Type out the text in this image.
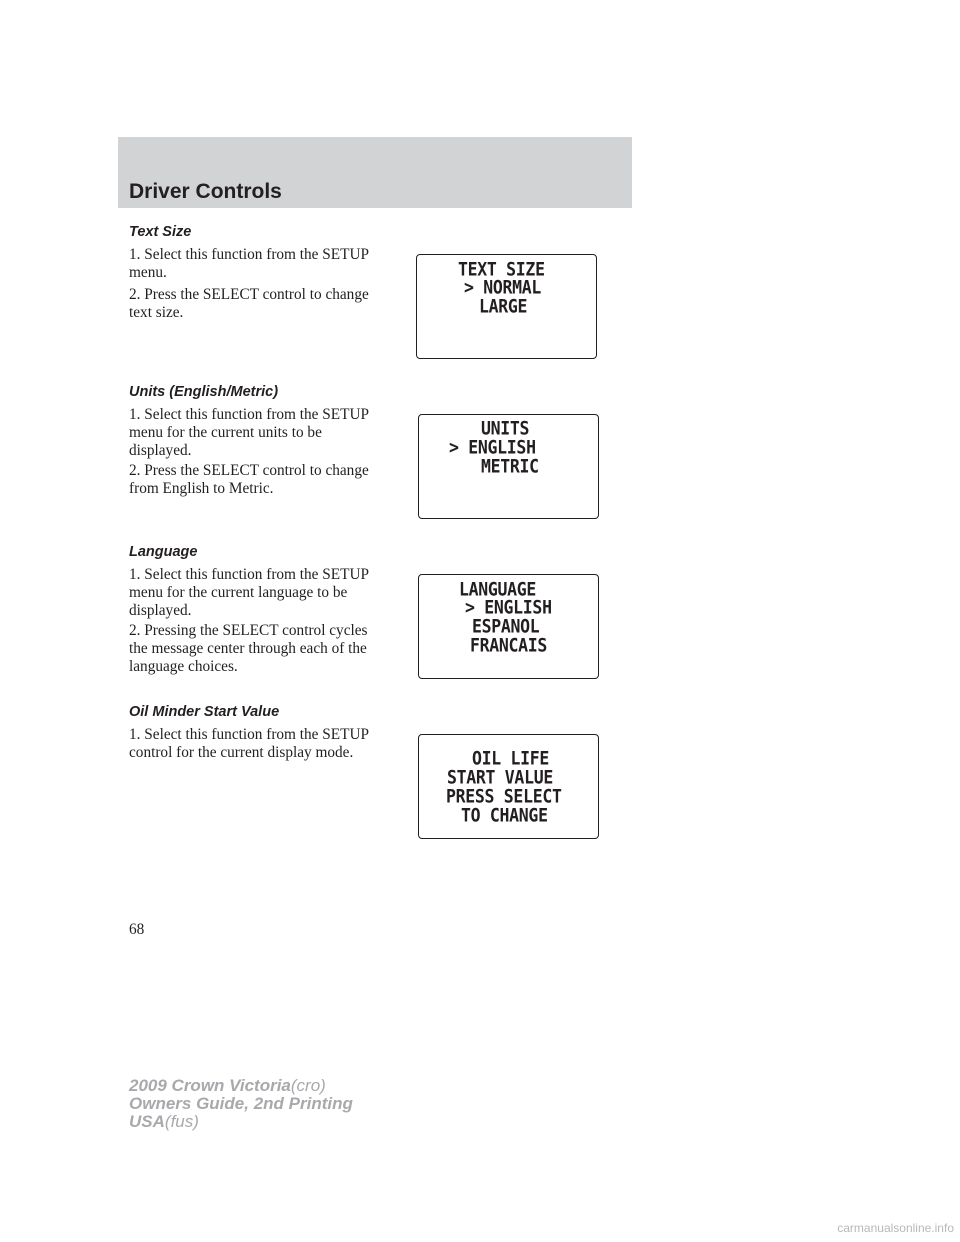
Driver Controls
Text Size

1. Select this function from the SETUP menu.

2. Press the SELECT control to change text size.

TEXT SIZE

> NORMAL

LARGE

Units (English/Metric)

1. Select this function from the SETUP menu for the current units to be displayed.

2. Press the SELECT control to change from English to Metric.

UNITS

> ENGLISH

METRIC

Language

1. Select this function from the SETUP menu for the current language to be displayed.

2. Pressing the SELECT control cycles the message center through each of the language choices.

LANGUAGE

> ENGLISH

ESPANOL

FRANCAIS

Oil Minder Start Value

1. Select this function from the SETUP control for the current display mode.	OIL LIFE

START VALUE

PRESS SELECT

TO CHANGE

68

2009 Crown Victoria(cro)
Owners Guide, 2nd Printing
USA(fus)

carmanualsonline.info
